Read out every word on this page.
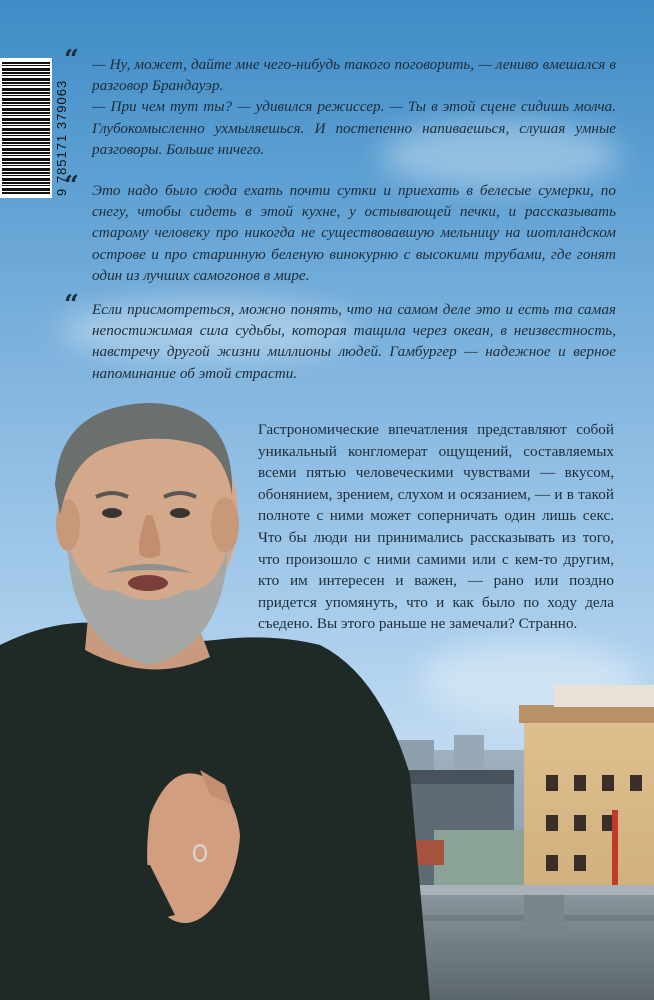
9 785171 379063
“ — Ну, может, дайте мне чего-нибудь такого поговорить, — лениво вмешался в разговор Брандауэр.

— При чем тут ты? — удивился режиссер. — Ты в этой сцене сидишь молча. Глубокомысленно ухмыляешься. И постепенно напиваешься, слушая умные разговоры. Больше ничего.

“ Это надо было сюда ехать почти сутки и приехать в белесые сумерки, по снегу, чтобы сидеть в этой кухне, у остывающей печки, и рассказывать старому человеку про никогда не существовавшую мельницу на шотландском острове и про старинную беленую винокурню с высокими трубами, где гонят один из лучших самогонов в мире.

“ Если присмотреться, можно понять, что на самом деле это и есть та самая непостижимая сила судьбы, которая тащила через океан, в неизвестность, навстречу другой жизни миллионы людей. Гамбургер — надежное и верное напоминание об этой страсти.

Гастрономические впечатления представляют собой уникальный конгломерат ощущений, составляемых всеми пятью человеческими чувствами — вкусом, обонянием, зрением, слухом и осязанием, — и в такой полноте с ними может соперничать один лишь секс. Что бы люди ни принимались рассказывать из того, что произошло с ними самими или с кем-то другим, кто им интересен и важен, — рано или поздно придется упомянуть, что и как было по ходу дела съедено. Вы этого раньше не замечали? Странно.
